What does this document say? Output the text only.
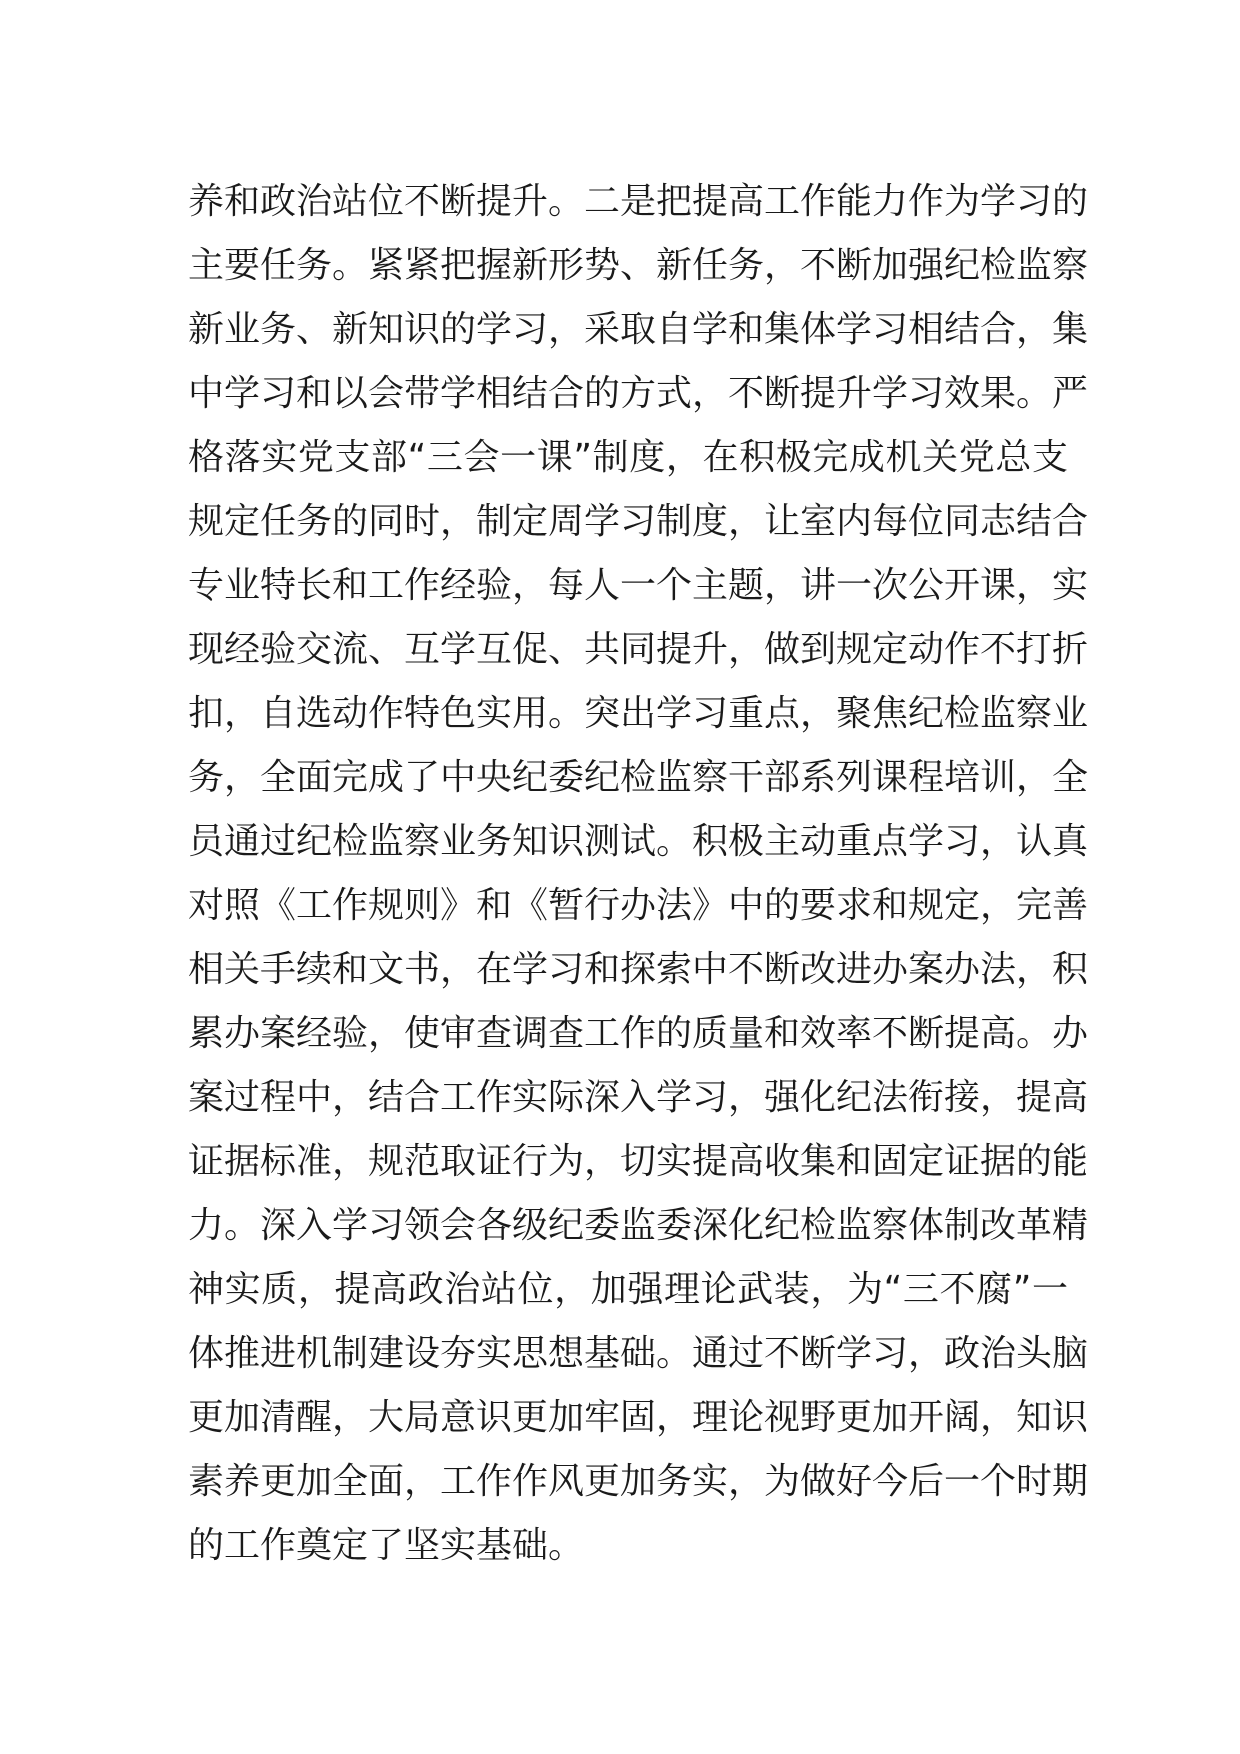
养和政治站位不断提升。二是把提高工作能力作为学习的
主要任务。紧紧把握新形势、新任务，不断加强纪检监察
新业务、新知识的学习，采取自学和集体学习相结合，集
中学习和以会带学相结合的方式，不断提升学习效果。严
格落实党支部“三会一课”制度，在积极完成机关党总支
规定任务的同时，制定周学习制度，让室内每位同志结合
专业特长和工作经验，每人一个主题，讲一次公开课，实
现经验交流、互学互促、共同提升，做到规定动作不打折
扣，自选动作特色实用。突出学习重点，聚焦纪检监察业
务，全面完成了中央纪委纪检监察干部系列课程培训，全
员通过纪检监察业务知识测试。积极主动重点学习，认真
对照《工作规则》和《暂行办法》中的要求和规定，完善
相关手续和文书，在学习和探索中不断改进办案办法，积
累办案经验，使审查调查工作的质量和效率不断提高。办
案过程中，结合工作实际深入学习，强化纪法衔接，提高
证据标准，规范取证行为，切实提高收集和固定证据的能
力。深入学习领会各级纪委监委深化纪检监察体制改革精
神实质，提高政治站位，加强理论武装，为“三不腐”一
体推进机制建设夯实思想基础。通过不断学习，政治头脑
更加清醒，大局意识更加牢固，理论视野更加开阔，知识
素养更加全面，工作作风更加务实，为做好今后一个时期
的工作奠定了坚实基础。
